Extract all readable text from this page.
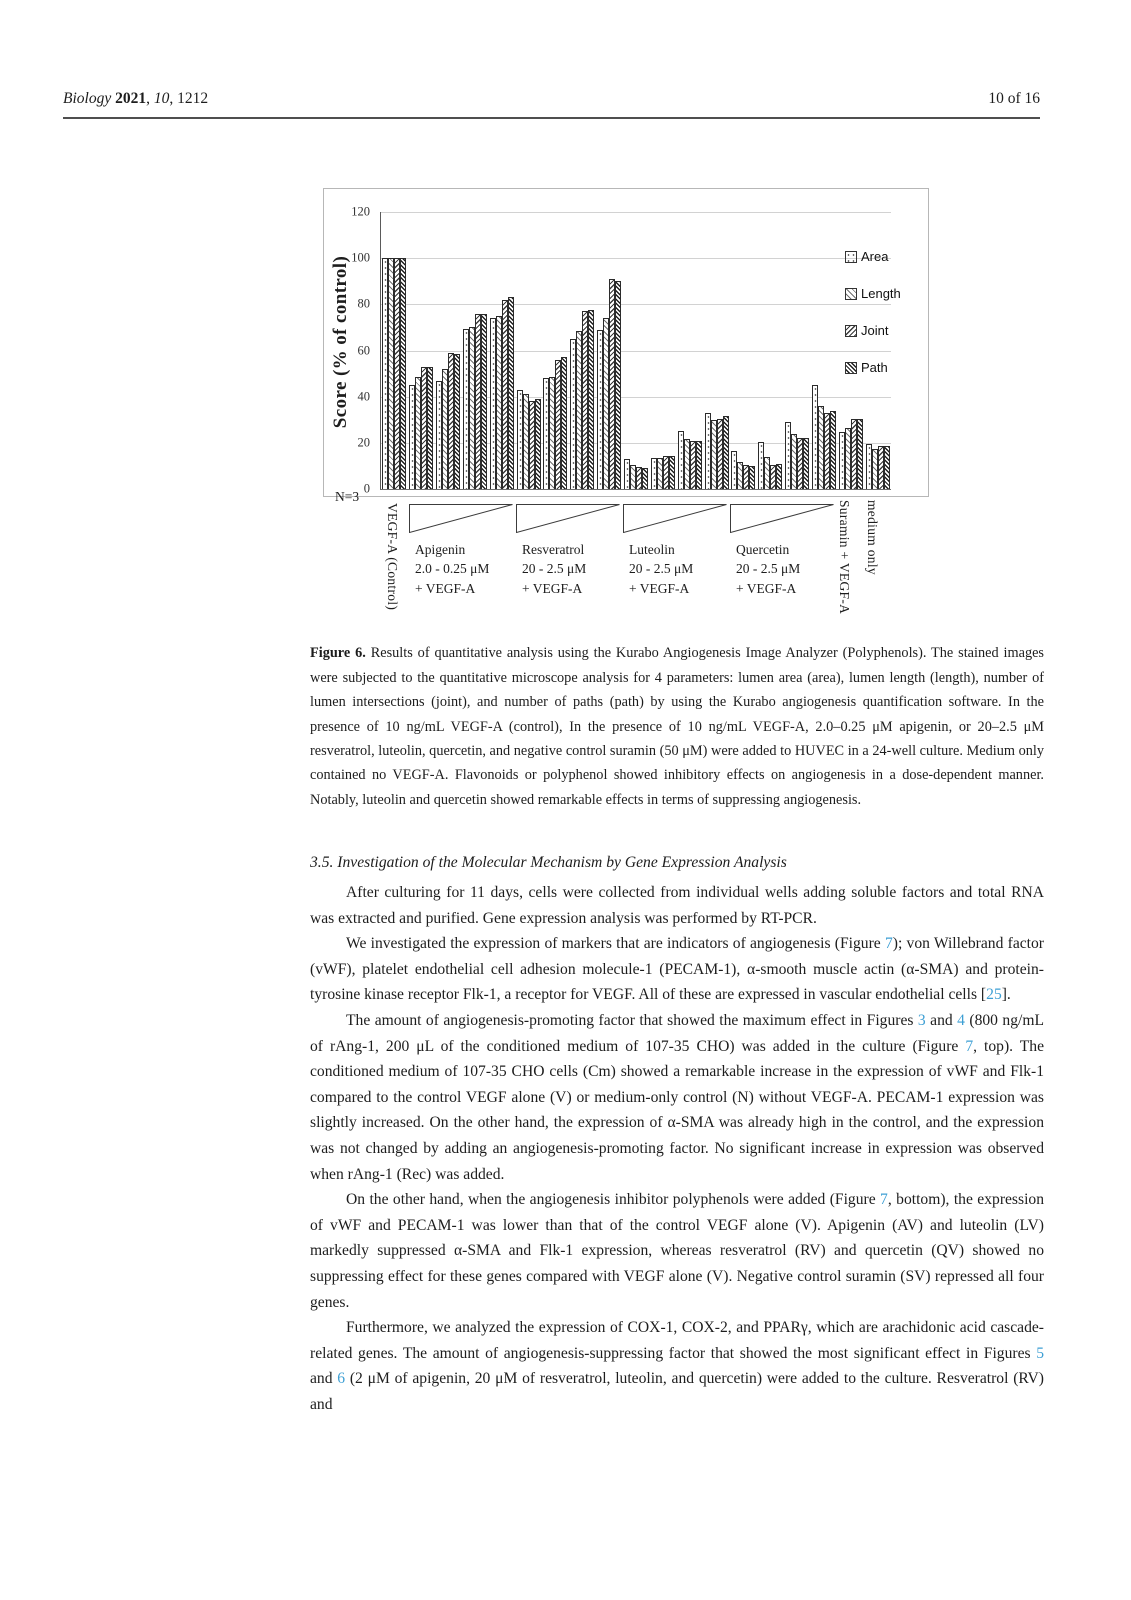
Biology 2021, 10, 1212	10 of 16
Score (% of control)
0
20
40
60
80
100
120
Area
Length
Joint
Path
N=3
VEGF-A (Control)	Suramin + VEGF-A medium only
Apigenin
2.0 - 0.25 μM
+ VEGF-A
Resveratrol
20 - 2.5 μM
+ VEGF-A
Luteolin
20 - 2.5 μM
+ VEGF-A
Quercetin
20 - 2.5 μM
+ VEGF-A

Figure 6. Results of quantitative analysis using the Kurabo Angiogenesis Image Analyzer (Polyphenols). The stained images were subjected to the quantitative microscope analysis for 4 parameters: lumen area (area), lumen length (length), number of lumen intersections (joint), and number of paths (path) by using the Kurabo angiogenesis quantification software. In the presence of 10 ng/mL VEGF-A (control), In the presence of 10 ng/mL VEGF-A, 2.0–0.25 μM apigenin, or 20–2.5 μM resveratrol, luteolin, quercetin, and negative control suramin (50 μM) were added to HUVEC in a 24-well culture. Medium only contained no VEGF-A. Flavonoids or polyphenol showed inhibitory effects on angiogenesis in a dose-dependent manner. Notably, luteolin and quercetin showed remarkable effects in terms of suppressing angiogenesis.

3.5. Investigation of the Molecular Mechanism by Gene Expression Analysis

After culturing for 11 days, cells were collected from individual wells adding soluble factors and total RNA was extracted and purified. Gene expression analysis was performed by RT-PCR.

We investigated the expression of markers that are indicators of angiogenesis (Figure 7); von Willebrand factor (vWF), platelet endothelial cell adhesion molecule-1 (PECAM-1), α-smooth muscle actin (α-SMA) and protein-tyrosine kinase receptor Flk-1, a receptor for VEGF. All of these are expressed in vascular endothelial cells [25].

The amount of angiogenesis-promoting factor that showed the maximum effect in Figures 3 and 4 (800 ng/mL of rAng-1, 200 μL of the conditioned medium of 107-35 CHO) was added in the culture (Figure 7, top). The conditioned medium of 107-35 CHO cells (Cm) showed a remarkable increase in the expression of vWF and Flk-1 compared to the control VEGF alone (V) or medium-only control (N) without VEGF-A. PECAM-1 expression was slightly increased. On the other hand, the expression of α-SMA was already high in the control, and the expression was not changed by adding an angiogenesis-promoting factor. No significant increase in expression was observed when rAng-1 (Rec) was added.

On the other hand, when the angiogenesis inhibitor polyphenols were added (Figure 7, bottom), the expression of vWF and PECAM-1 was lower than that of the control VEGF alone (V). Apigenin (AV) and luteolin (LV) markedly suppressed α-SMA and Flk-1 expression, whereas resveratrol (RV) and quercetin (QV) showed no suppressing effect for these genes compared with VEGF alone (V). Negative control suramin (SV) repressed all four genes.

Furthermore, we analyzed the expression of COX-1, COX-2, and PPARγ, which are arachidonic acid cascade-related genes. The amount of angiogenesis-suppressing factor that showed the most significant effect in Figures 5 and 6 (2 μM of apigenin, 20 μM of resveratrol, luteolin, and quercetin) were added to the culture. Resveratrol (RV) and
